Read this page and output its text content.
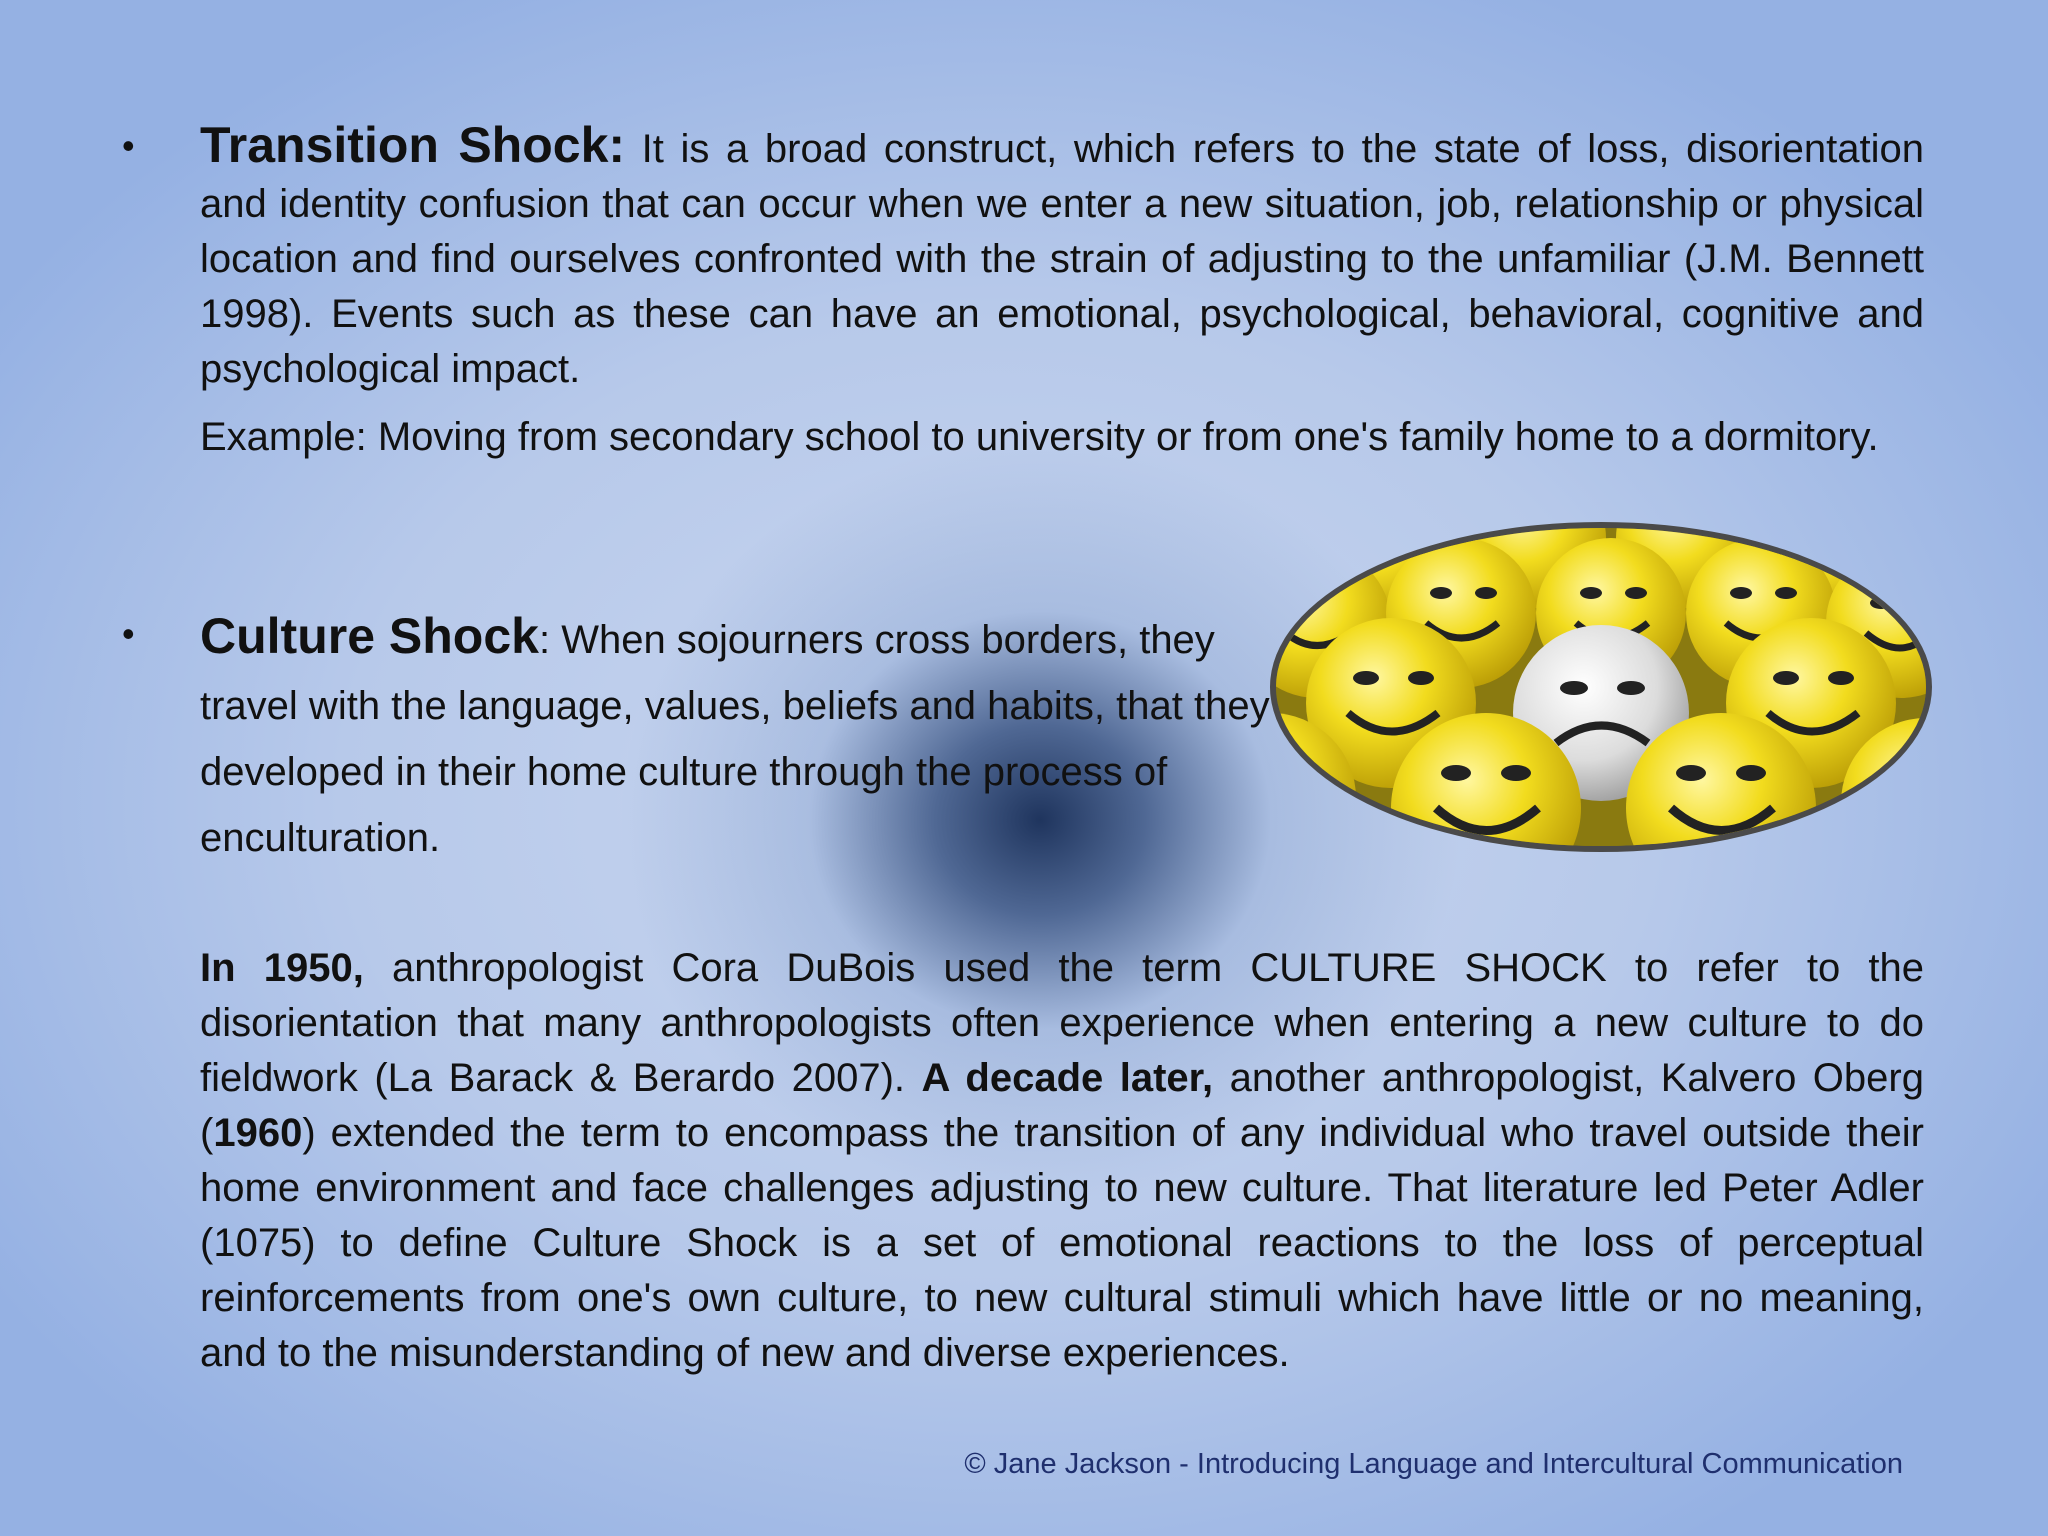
• Transition Shock: It is a broad construct, which refers to the state of loss, disorientation and identity confusion that can occur when we enter a new situation, job, relationship or physical location and find ourselves confronted with the strain of adjusting to the unfamiliar (J.M. Bennett 1998). Events such as these can have an emotional, psychological, behavioral, cognitive and psychological impact.

Example: Moving from secondary school to university or from one's family home to a dormitory.

• Culture Shock: When sojourners cross borders, they travel with the language, values, beliefs and habits, that they developed in their home culture through the process of enculturation.

In 1950, anthropologist Cora DuBois used the term CULTURE SHOCK to refer to the disorientation that many anthropologists often experience when entering a new culture to do fieldwork (La Barack & Berardo 2007). A decade later, another anthropologist, Kalvero Oberg (1960) extended the term to encompass the transition of any individual who travel outside their home environment and face challenges adjusting to new culture. That literature led Peter Adler (1075) to define Culture Shock is a set of emotional reactions to the loss of perceptual reinforcements from one's own culture, to new cultural stimuli which have little or no meaning, and to the misunderstanding of new and diverse experiences.

© Jane Jackson - Introducing Language and Intercultural Communication
